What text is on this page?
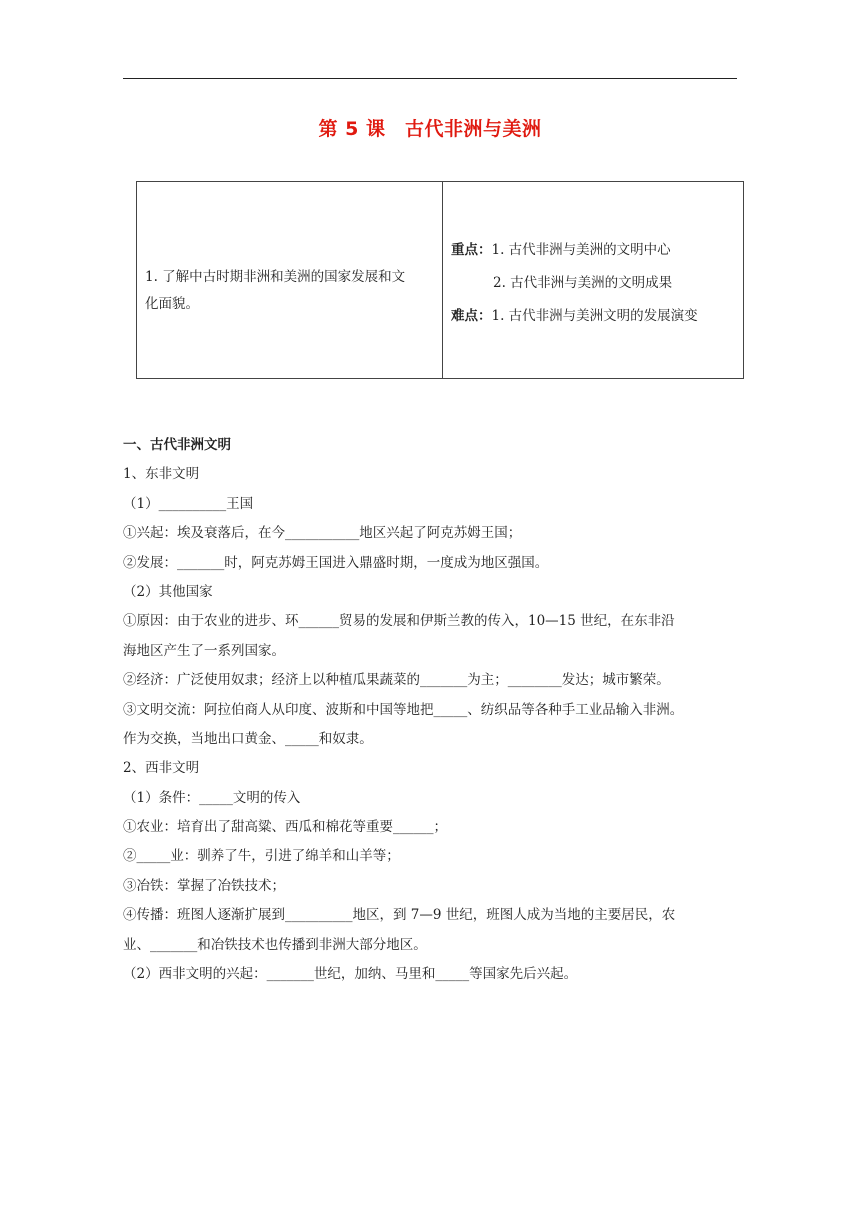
第 5 课　古代非洲与美洲
1. 了解中古时期非洲和美洲的国家发展和文
化面貌。
重点：1. 古代非洲与美洲的文明中心
2. 古代非洲与美洲的文明成果
难点：1. 古代非洲与美洲文明的发展演变
一、古代非洲文明
1、东非文明
（1）__________王国
①兴起：埃及衰落后，在今___________地区兴起了阿克苏姆王国；
②发展：_______时，阿克苏姆王国进入鼎盛时期，一度成为地区强国。
（2）其他国家
①原因：由于农业的进步、环______贸易的发展和伊斯兰教的传入，10—15 世纪，在东非沿
海地区产生了一系列国家。
②经济：广泛使用奴隶；经济上以种植瓜果蔬菜的_______为主；________发达；城市繁荣。
③文明交流：阿拉伯商人从印度、波斯和中国等地把_____、纺织品等各种手工业品输入非洲。
作为交换，当地出口黄金、_____和奴隶。
2、西非文明
（1）条件：_____文明的传入
①农业：培育出了甜高粱、西瓜和棉花等重要______；
②_____业：驯养了牛，引进了绵羊和山羊等；
③冶铁：掌握了冶铁技术；
④传播：班图人逐渐扩展到__________地区，到 7—9 世纪，班图人成为当地的主要居民，农
业、_______和冶铁技术也传播到非洲大部分地区。
（2）西非文明的兴起：_______世纪，加纳、马里和_____等国家先后兴起。
